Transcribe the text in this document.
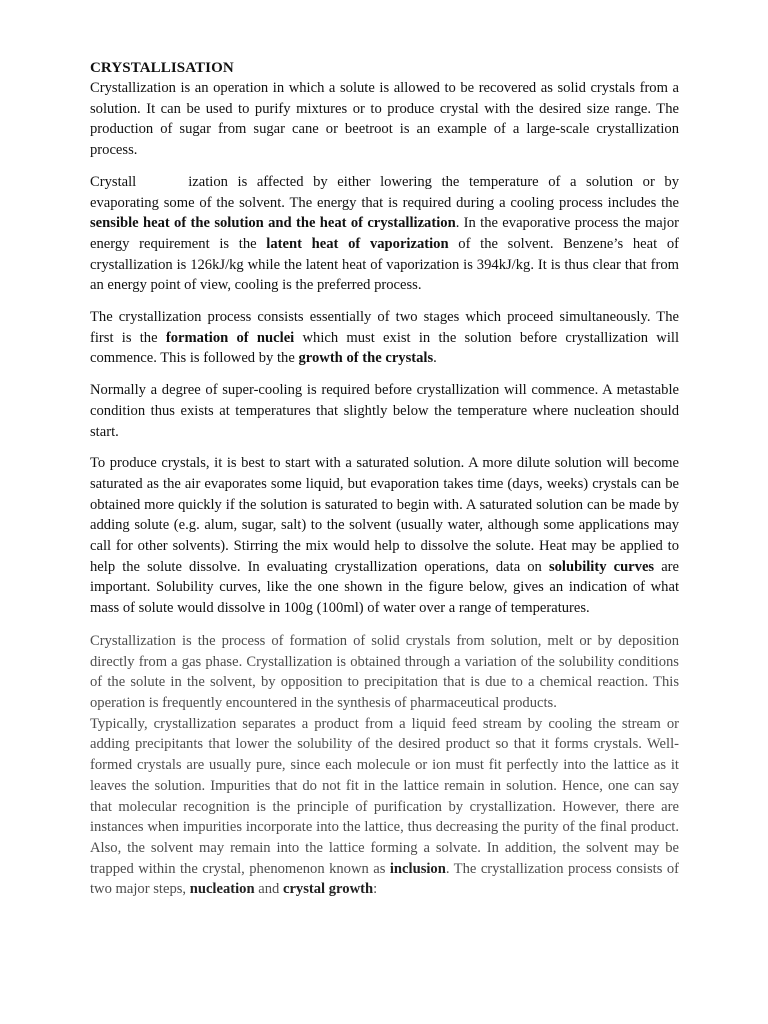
CRYSTALLISATION

Crystallization is an operation in which a solute is allowed to be recovered as solid crystals from a solution. It can be used to purify mixtures or to produce crystal with the desired size range. The production of sugar from sugar cane or beetroot is an example of a large-scale crystallization process.

Crystall	ization is affected by either lowering the temperature of a solution or by evaporating some of the solvent. The energy that is required during a cooling process includes the sensible heat of the solution and the heat of crystallization. In the evaporative process the major energy requirement is the latent heat of vaporization of the solvent. Benzene’s heat of crystallization is 126kJ/kg while the latent heat of vaporization is 394kJ/kg. It is thus clear that from an energy point of view, cooling is the preferred process.

The crystallization process consists essentially of two stages which proceed simultaneously. The first is the formation of nuclei which must exist in the solution before crystallization will commence. This is followed by the growth of the crystals.

Normally a degree of super-cooling is required before crystallization will commence. A metastable condition thus exists at temperatures that slightly below the temperature where nucleation should start.

To produce crystals, it is best to start with a saturated solution. A more dilute solution will become saturated as the air evaporates some liquid, but evaporation takes time (days, weeks) crystals can be obtained more quickly if the solution is saturated to begin with. A saturated solution can be made by adding solute (e.g. alum, sugar, salt) to the solvent (usually water, although some applications may call for other solvents). Stirring the mix would help to dissolve the solute. Heat may be applied to help the solute dissolve. In evaluating crystallization operations, data on solubility curves are important. Solubility curves, like the one shown in the figure below, gives an indication of what mass of solute would dissolve in 100g (100ml) of water over a range of temperatures.

Crystallization is the process of formation of solid crystals from solution, melt or by deposition directly from a gas phase. Crystallization is obtained through a variation of the solubility conditions of the solute in the solvent, by opposition to precipitation that is due to a chemical reaction. This operation is frequently encountered in the synthesis of pharmaceutical products.

Typically, crystallization separates a product from a liquid feed stream by cooling the stream or adding precipitants that lower the solubility of the desired product so that it forms crystals. Well-formed crystals are usually pure, since each molecule or ion must fit perfectly into the lattice as it leaves the solution. Impurities that do not fit in the lattice remain in solution. Hence, one can say that molecular recognition is the principle of purification by crystallization. However, there are instances when impurities incorporate into the lattice, thus decreasing the purity of the final product. Also, the solvent may remain into the lattice forming a solvate. In addition, the solvent may be trapped within the crystal, phenomenon known as inclusion. The crystallization process consists of two major steps, nucleation and crystal growth:
